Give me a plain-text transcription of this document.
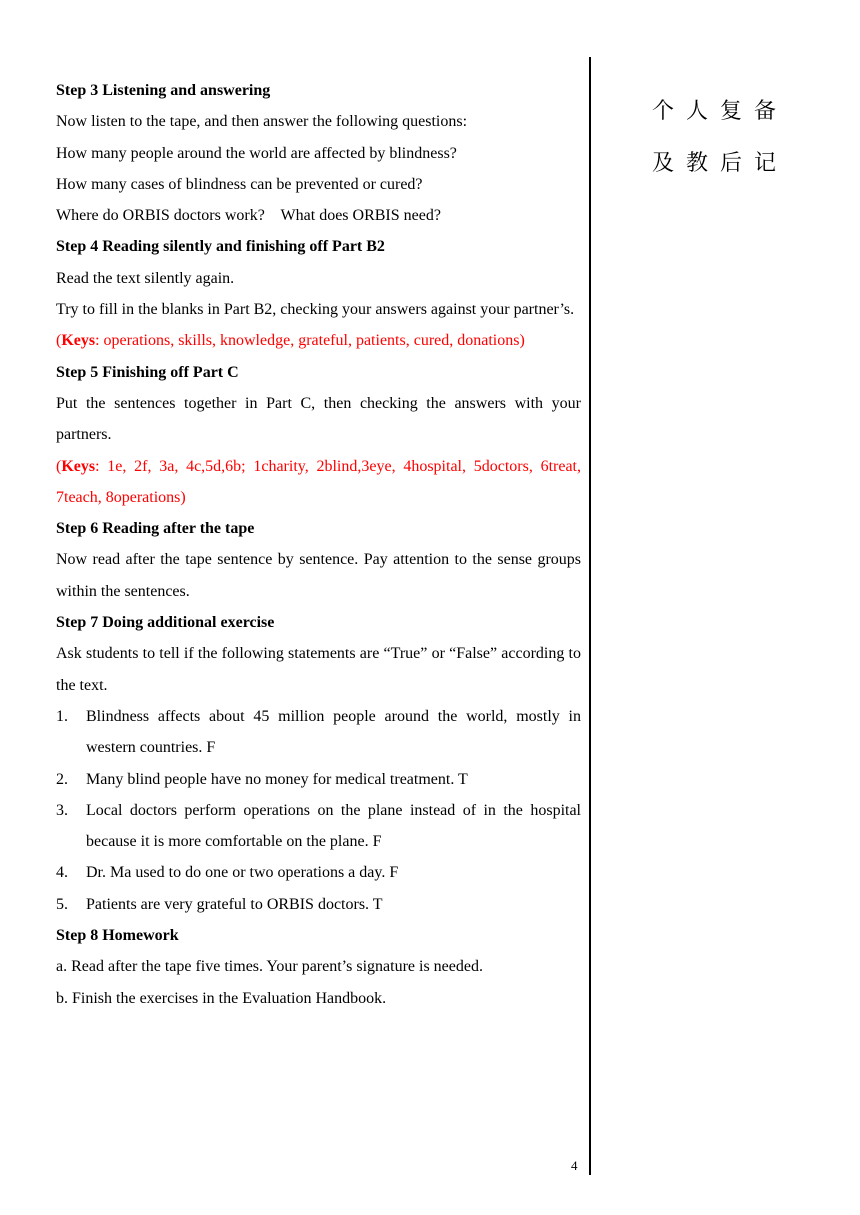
Step 3 Listening and answering

Now listen to the tape, and then answer the following questions:

How many people around the world are affected by blindness?

How many cases of blindness can be prevented or cured?

Where do ORBIS doctors work?    What does ORBIS need?

Step 4 Reading silently and finishing off Part B2

Read the text silently again.

Try to fill in the blanks in Part B2, checking your answers against your partner’s.

(Keys: operations, skills, knowledge, grateful, patients, cured, donations)

Step 5 Finishing off Part C

Put the sentences together in Part C, then checking the answers with your partners.

(Keys: 1e, 2f, 3a, 4c,5d,6b; 1charity, 2blind,3eye, 4hospital, 5doctors, 6treat, 7teach, 8operations)

Step 6 Reading after the tape

Now read after the tape sentence by sentence. Pay attention to the sense groups within the sentences.

Step 7 Doing additional exercise

Ask students to tell if the following statements are “True” or “False” according to the text.

1. Blindness affects about 45 million people around the world, mostly in western countries. F
2. Many blind people have no money for medical treatment. T
3. Local doctors perform operations on the plane instead of in the hospital because it is more comfortable on the plane. F
4. Dr. Ma used to do one or two operations a day. F
5. Patients are very grateful to ORBIS doctors. T

Step 8 Homework

a. Read after the tape five times. Your parent’s signature is needed.

b. Finish the exercises in the Evaluation Handbook.

个人复备
及教后记
4
